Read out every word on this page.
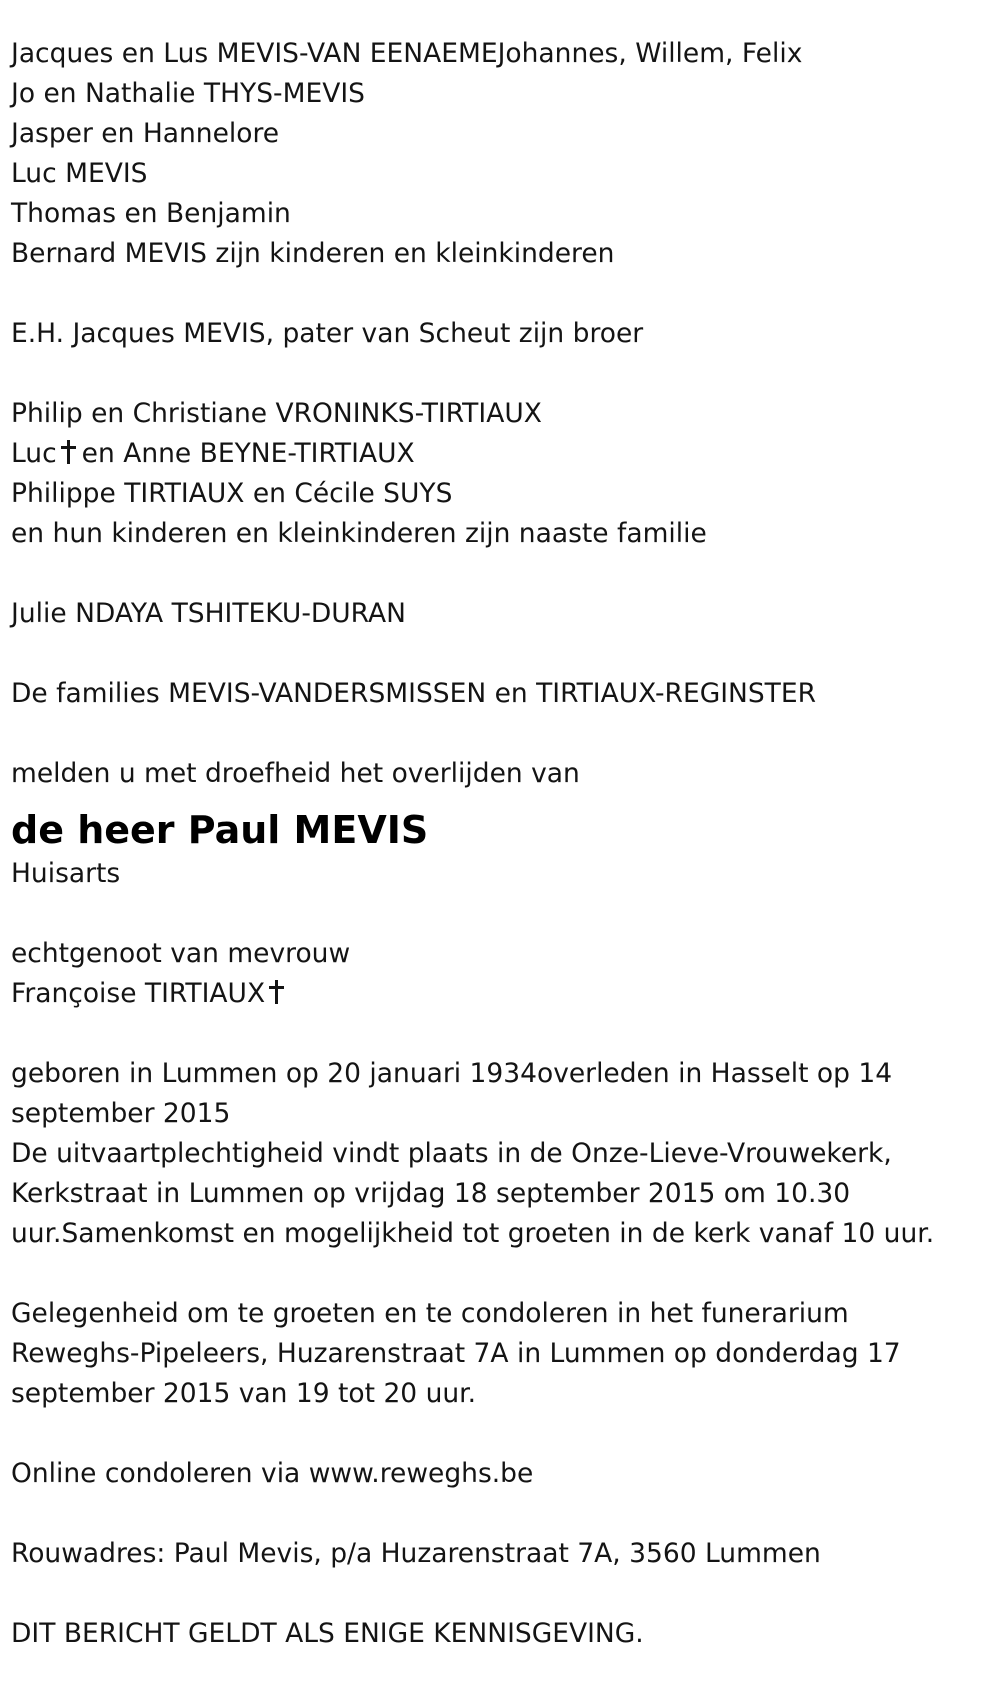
Jacques en Lus MEVIS-VAN EENAEMEJohannes, Willem, Felix
Jo en Nathalie THYS-MEVIS
Jasper en Hannelore
Luc MEVIS
Thomas en Benjamin
Bernard MEVIS zijn kinderen en kleinkinderen
E.H. Jacques MEVIS, pater van Scheut zijn broer
Philip en Christiane VRONINKS-TIRTIAUX
Luc en Anne BEYNE-TIRTIAUX
Philippe TIRTIAUX en Cécile SUYS
en hun kinderen en kleinkinderen zijn naaste familie
Julie NDAYA TSHITEKU-DURAN
De families MEVIS-VANDERSMISSEN en TIRTIAUX-REGINSTER
melden u met droefheid het overlijden van
de heer Paul MEVIS
Huisarts
echtgenoot van mevrouw
Françoise TIRTIAUX
geboren in Lummen op 20 januari 1934overleden in Hasselt op 14 september 2015
De uitvaartplechtigheid vindt plaats in de Onze-Lieve-Vrouwekerk, Kerkstraat in Lummen op vrijdag 18 september 2015 om 10.30 uur.Samenkomst en mogelijkheid tot groeten in de kerk vanaf 10 uur.
Gelegenheid om te groeten en te condoleren in het funerarium Reweghs-Pipeleers, Huzarenstraat 7A in Lummen op donderdag 17 september 2015 van 19 tot 20 uur.
Online condoleren via www.reweghs.be
Rouwadres: Paul Mevis, p/a Huzarenstraat 7A, 3560 Lummen
DIT BERICHT GELDT ALS ENIGE KENNISGEVING.
